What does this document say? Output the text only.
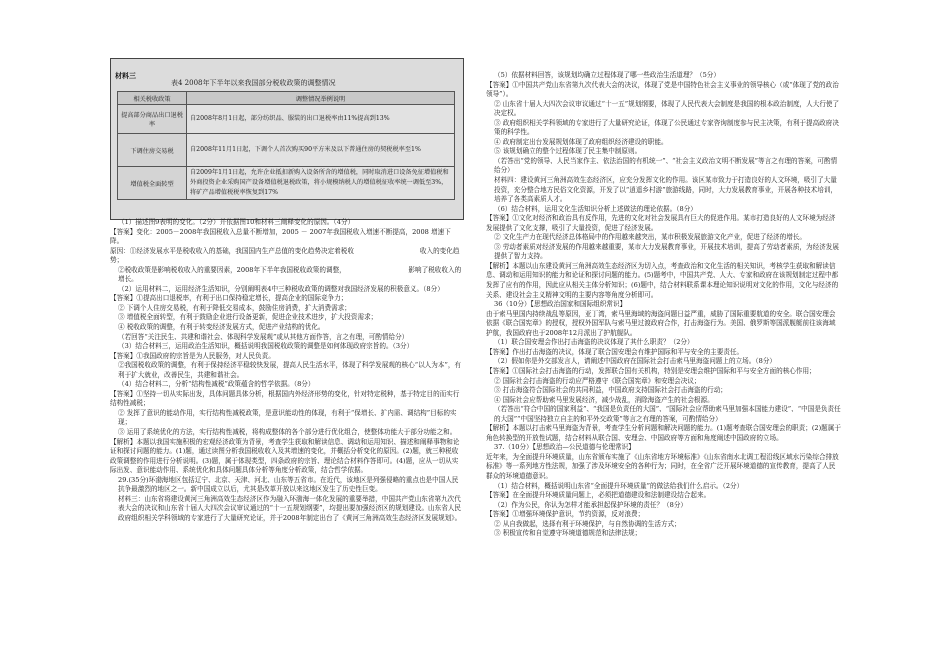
材料三
表4 2008年下半年以来我国部分税收政策的调整情况
相关税收政策	调整情况举例说明
提高部分商品出口退税率	自2008年8月1日起，部分纺织品、服装的出口退税率由11%提高到13%
下调住房交易税	自2008年11月1日起，下调个人首次购买90平方米及以下普通住房的契税税率至1%
增值税全面转型	自2009年1月1日起，允许企业抵扣新购入设备所含的增值税，同时取消进口设备免征增值税和外商投资企业采购国产设备增值税退税政策，将小规模纳税人的增值税征收率统一调低至3%，将矿产品增值税税率恢复到17%

（1）描述图9表明的变化。（2分）并依据图10和材料三阐释变化的原因。（4分）

【答案】变化：2005－2008年我国税收入总量不断增加，2005 － 2007年我国税收入增速不断提高，2008 增速下降。

原因：①经济发展水平是税收收入的基础，我国国内生产总值的变化趋势决定着税收　　　　　　　　　　收入的变化趋势；

②税收政策是影响税收收入的重要因素，2008年下半年我国税收政策的调整，　　　　　　　　　　影响了税收收入的增长。

（2）运用材料二，运用经济生活知识，分别阐明表4中三种税收政策的调整对我国经济发展的积极意义。（8分）

【答案】①提高出口退税率，有利于出口保持稳定增长，提高企业的国际竞争力；

② 下调个人住房交易税，有利于降低交易成本，鼓励住房消费，扩大消费需求；

③ 增值税全面转型，有利于鼓励企业进行设备更新，促进企业技术进步，扩大投资需求；

④ 税收政策的调整，有利于转变经济发展方式，促进产业结构的优化。

（若回答“关注民生、共建和谐社会、体现科学发展观”或从其他方面作答，言之有理，可酌情给分）

（3）结合材料三，运用政治生活知识，概括说明我国税收政策的调整是如何体现政府宗旨的。（3分）

【答案】①我国政府的宗旨是为人民服务，对人民负责。

②我国税收政策的调整，有利于保持经济平稳较快发展，提高人民生活水平，体现了科学发展观的核心“以人为本”，有利于扩大就业，改善民生，共建和谐社会。

（4）结合材料二，分析“结构性减税”政策蕴含的哲学依据。（8分）

【答案】①坚持一切从实际出发，具体问题具体分析，根据国内外经济形势的变化，针对特定税种，基于特定目的而实行结构性减税；

② 发挥了意识的能动作用，实行结构性减税政策，是意识能动性的体现，有利于“保增长、扩内需、调结构”目标的实现；

③ 运用了系统优化的方法，实行结构性减税，将构成整体的各个部分进行优化组合，使整体功能大于部分功能之和。

【解析】本题以我国实施积极的宏观经济政策为背景，考查学生获取和解读信息、调动和运用知识、描述和阐释事物和论证和探讨问题的能力。(1)题，通过读图分析我国税收收入及其增速的变化，并概括分析变化的原因。(2)题，就三种税收政策调整的作用进行分析说明。(3)题，属于体现类型，四条政府的宗旨、理论结合材料作答即可。(4)题，应从一切从实际出发、意识能动作用、系统优化和具体问题具体分析等角度分析政策，结合哲学依据。

29.(35分)环渤海地区包括辽宁、北京、天津、河北、山东等五省市。在近代，该地区是列强侵略的重点也是中国人民抗争最激烈的地区之一。新中国成立以后，尤其是改革开放以来这地区发生了历史性巨变。

材料三：山东省将建设黄河三角洲高效生态经济区作为融入环渤海一体化发展的重要举措，中国共产党山东省第九次代表大会的决议和山东省十届人大四次会议审议通过的“十一五规划纲要”，均提出要加强经济区的规划建设。山东省人民政府组织相关学科领域的专家进行了大量研究论证，并于2008年制定出台了《黄河三角洲高效生态经济区发展规划》。

（5）依据材料回答，该规划均确立过程体现了哪一些政治生活道理？（5分）

【答案】①中国共产党山东省第九次代表大会的决议，体现了党是中国特色社会主义事业的领导核心（或“体现了党的政治领导”）。

② 山东省十届人大四次会议审议通过“十一五”规划纲要，体现了人民代表大会制度是我国的根本政治制度，人大行使了决定权。

③ 政府组织相关学科领域的专家进行了大量研究论证，体现了公民通过专家咨询制度参与民主决策，有利于提高政府决策的科学性。

④ 政府制定出台发展规划体现了政府组织经济建设的职能。

⑤ 该规划确立的整个过程体现了民主集中制原则。

（若答出“党的领导、人民当家作主、依法治国的有机统一”、“社会主义政治文明不断发展”等言之有理的答案，可酌情给分）

材料四：建设黄河三角洲高效生态经济区，应充分发挥文化的作用。该区某市致力于打造良好的人文环境，吸引了大量投资，充分整合地方民俗文化资源，开发了以“逍遥乡村游”旅游线路，同时，大力发展教育事业，开展各种技术培训，培养了各类高素质人才。

（6）结合材料，运用文化生活知识分析上述做法的理论依据。（8分）

【答案】①文化对经济和政治具有反作用，先进的文化对社会发展具有巨大的促进作用。某市打造良好的人文环境为经济发展提供了文化支撑，吸引了大量投资，促进了经济发展。

② 文化生产力在现代经济总体格局中的作用越来越突出，某市积极发展旅游文化产业，促进了经济的增长。

③ 劳动者素质对经济发展的作用越来越重要，某市大力发展教育事业，开展技术培训，提高了劳动者素质，为经济发展提供了智力支持。

【解析】本题以山东建设黄河三角洲高效生态经济区为切入点，考查政治和文化生活的相关知识，考核学生获取和解读信息、调动和运用知识的能力和论证和探讨问题的能力。(5)题考中，中国共产党、人大、专家和政府在该规划制定过程中都发挥了应有的作用，因此应从相关主体分析知识；(6)题中，结合材料联系课本理论知识说明对文化的作用，文化与经济的关系、建设社会主义精神文明的主要内容等角度分析即可。

36（10分）【思想政治国家和国际组织常识】

由于索马里国内持续战乱等原因，亚丁湾，索马里海域的海盗问题日益严重，威胁了国际重要航道的安全。联合国安理会依据《联合国宪章》的授权，授权外国军队与索马里过渡政府合作，打击海盗行为。美国、俄罗斯等国派舰艇前往该海域护航，我国政府也于2008年12月派出了护航舰队。

（1）联合国安理会作出打击海盗的决议体现了其什么职责？（2分）

【答案】作出打击海盗的决议，体现了联合国安理会有维护国际和平与安全的主要责任。

（2）假如你是外交部发言人，请阐述中国政府在国际社会打击索马里海盗问题上的立场。（8分）

【答案】①国际社会打击海盗的行动，发挥联合国有关机构，特别是安理会维护国际和平与安全方面的核心作用；

② 国际社会打击海盗的行动应严格遵守《联合国宪章》和安理会决议；

③ 打击海盗符合国际社会的共同利益，中国政府支持国际社会打击海盗的行动；

④ 国际社会应帮助索马里发展经济，减少战乱，消除海盗产生的社会根源。

（若答出“符合中国的国家利益”、“我国是负责任的大国”、“国际社会应帮助索马里加强本国能力建设”、“中国是负责任的大国”“中国坚持独立自主的和平外交政策”等言之有理的答案，可酌情给分）

【解析】本题以打击索马里海盗为背景，考查学生分析问题和解决问题的能力。(1)题考查联合国安理会的职责；(2)题属于角色转换型的开放性试题，结合材料从联合国、安理会、中国政府等方面和角度阐述中国政府的立场。

37.（10分）【思想政治—公民道德与伦理常识】

近年来，为全面提升环境质量，山东省颁布实施了《山东省地方环境标准》《山东省南水北调工程沿线区域水污染综合排放标准》等一系列地方性法规，加强了涉及环境安全的各种行为；同时，在全省广泛开展环境道德的宣传教育，提高了人民群众的环境道德意识。

（1）结合材料，概括说明山东省“全面提升环境质量”的做法给我们什么启示。（2分）

【答案】在全面提升环境质量问题上，必须把道德建设和法制建设结合起来。

（2）作为公民，你认为怎样才能承担起保护环境的责任？（8分）

【答案】①增强环境保护意识，节约资源，反对浪费；

② 从自我做起，选择有利于环境保护，与自然协调的生活方式；

③ 积极宣传和自觉遵守环境道德规范和法律法规；
